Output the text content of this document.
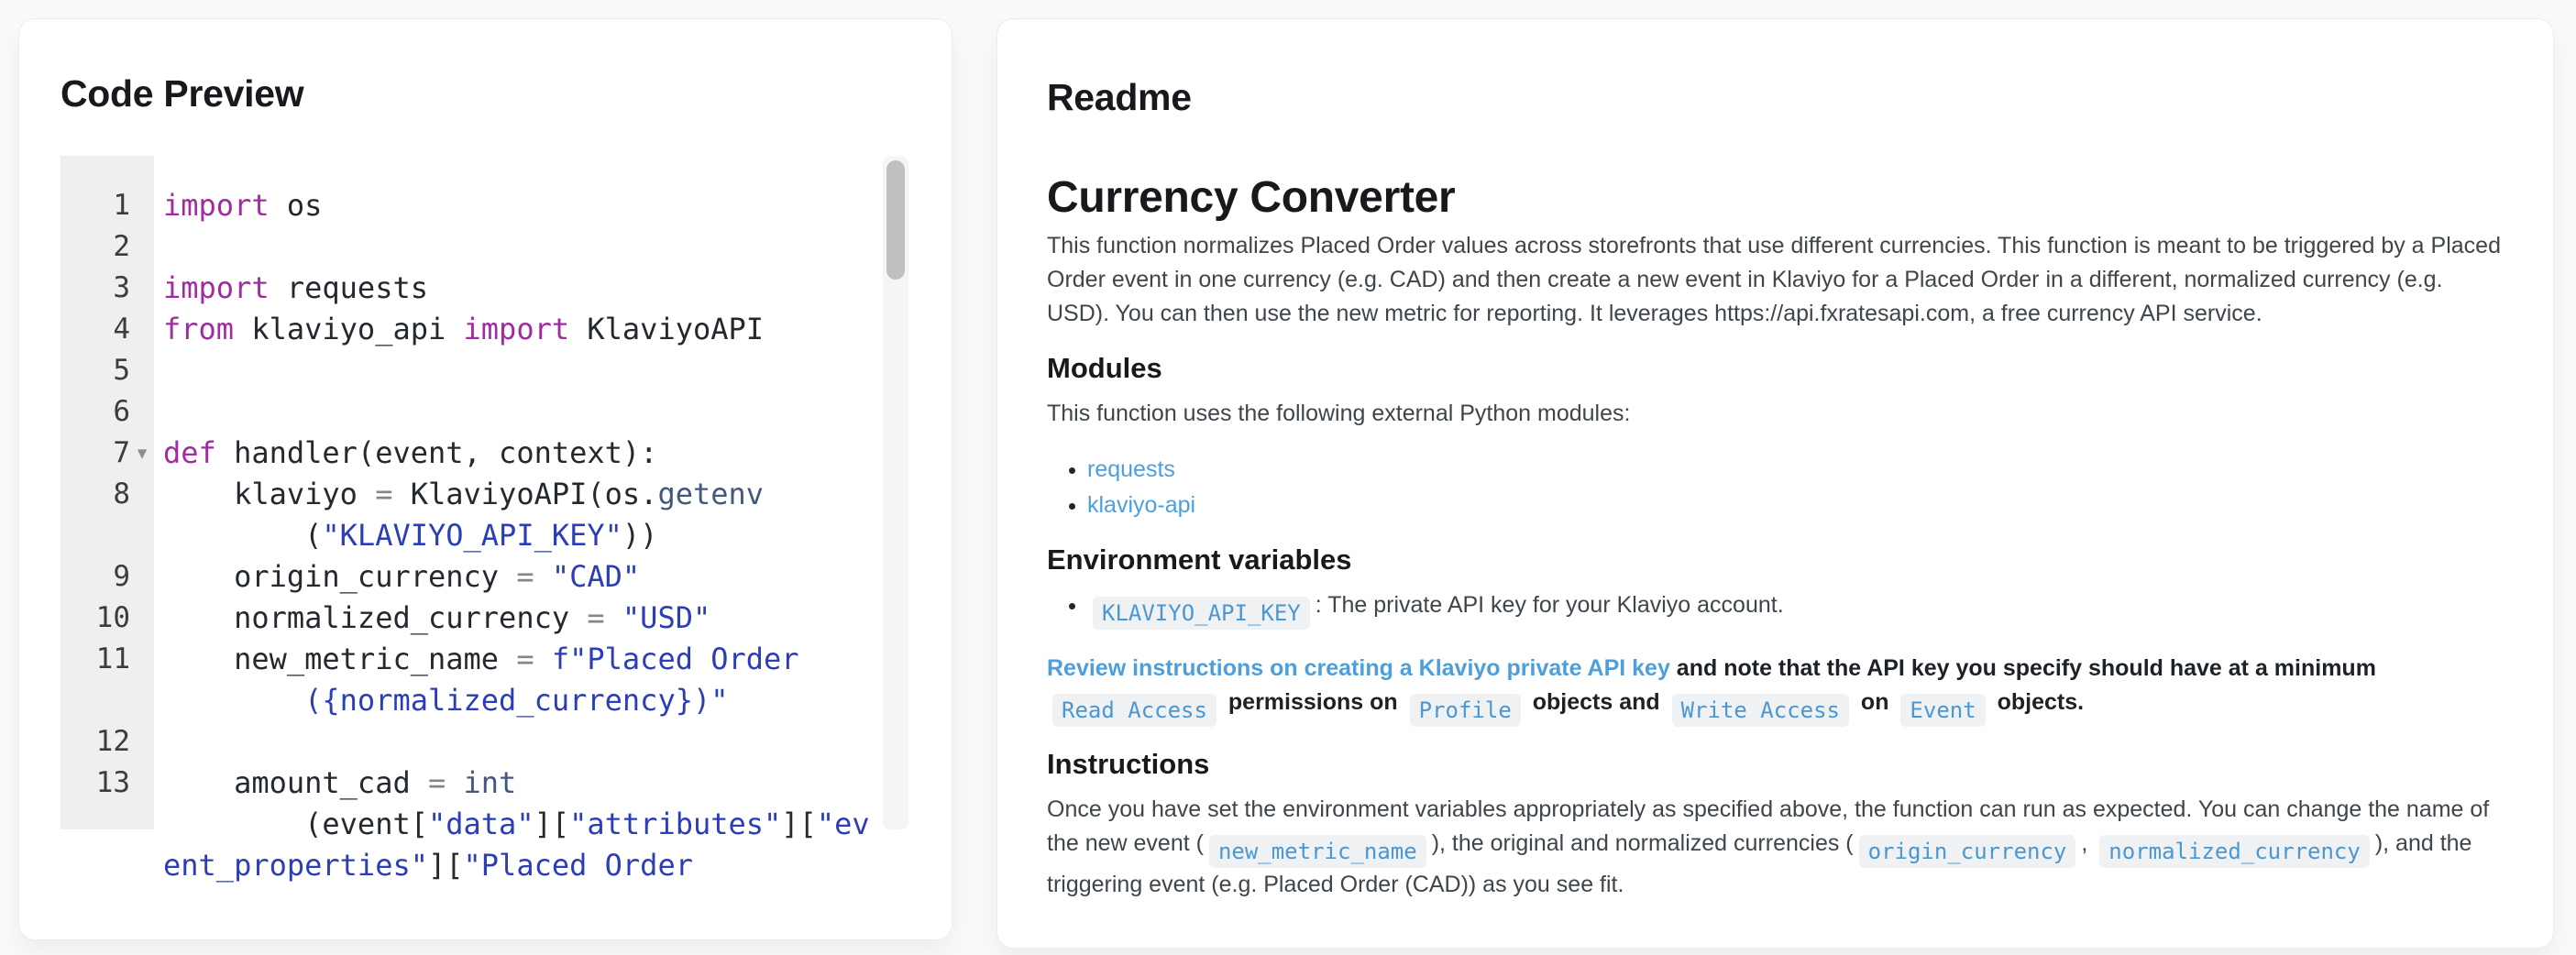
Code Preview
1
2
3
4
5
6
7 ▾
8
9
10
11
12
13
import os
import requests
from klaviyo_api import KlaviyoAPI
def handler(event, context):
klaviyo = KlaviyoAPI(os.getenv
("KLAVIYO_API_KEY"))
origin_currency = "CAD"
normalized_currency = "USD"
new_metric_name = f"Placed Order
({normalized_currency})"
amount_cad = int
(event["data"]["attributes"]["ev
ent_properties"]["Placed Order
Readme
Currency Converter

This function normalizes Placed Order values across storefronts that use different currencies. This function is meant to be triggered by a Placed Order event in one currency (e.g. CAD) and then create a new event in Klaviyo for a Placed Order in a different, normalized currency (e.g. USD). You can then use the new metric for reporting. It leverages https://api.fxratesapi.com, a free currency API service.

Modules

This function uses the following external Python modules:

• requests
• klaviyo-api
Environment variables
• KLAVIYO_API_KEY : The private API key for your Klaviyo account.

Review instructions on creating a Klaviyo private API key and note that the API key you specify should have at a minimum Read Access permissions on Profile objects and Write Access on Event objects.

Instructions

Once you have set the environment variables appropriately as specified above, the function can run as expected. You can change the name of the new event ( new_metric_name ), the original and normalized currencies ( origin_currency , normalized_currency ), and the triggering event (e.g. Placed Order (CAD)) as you see fit.
